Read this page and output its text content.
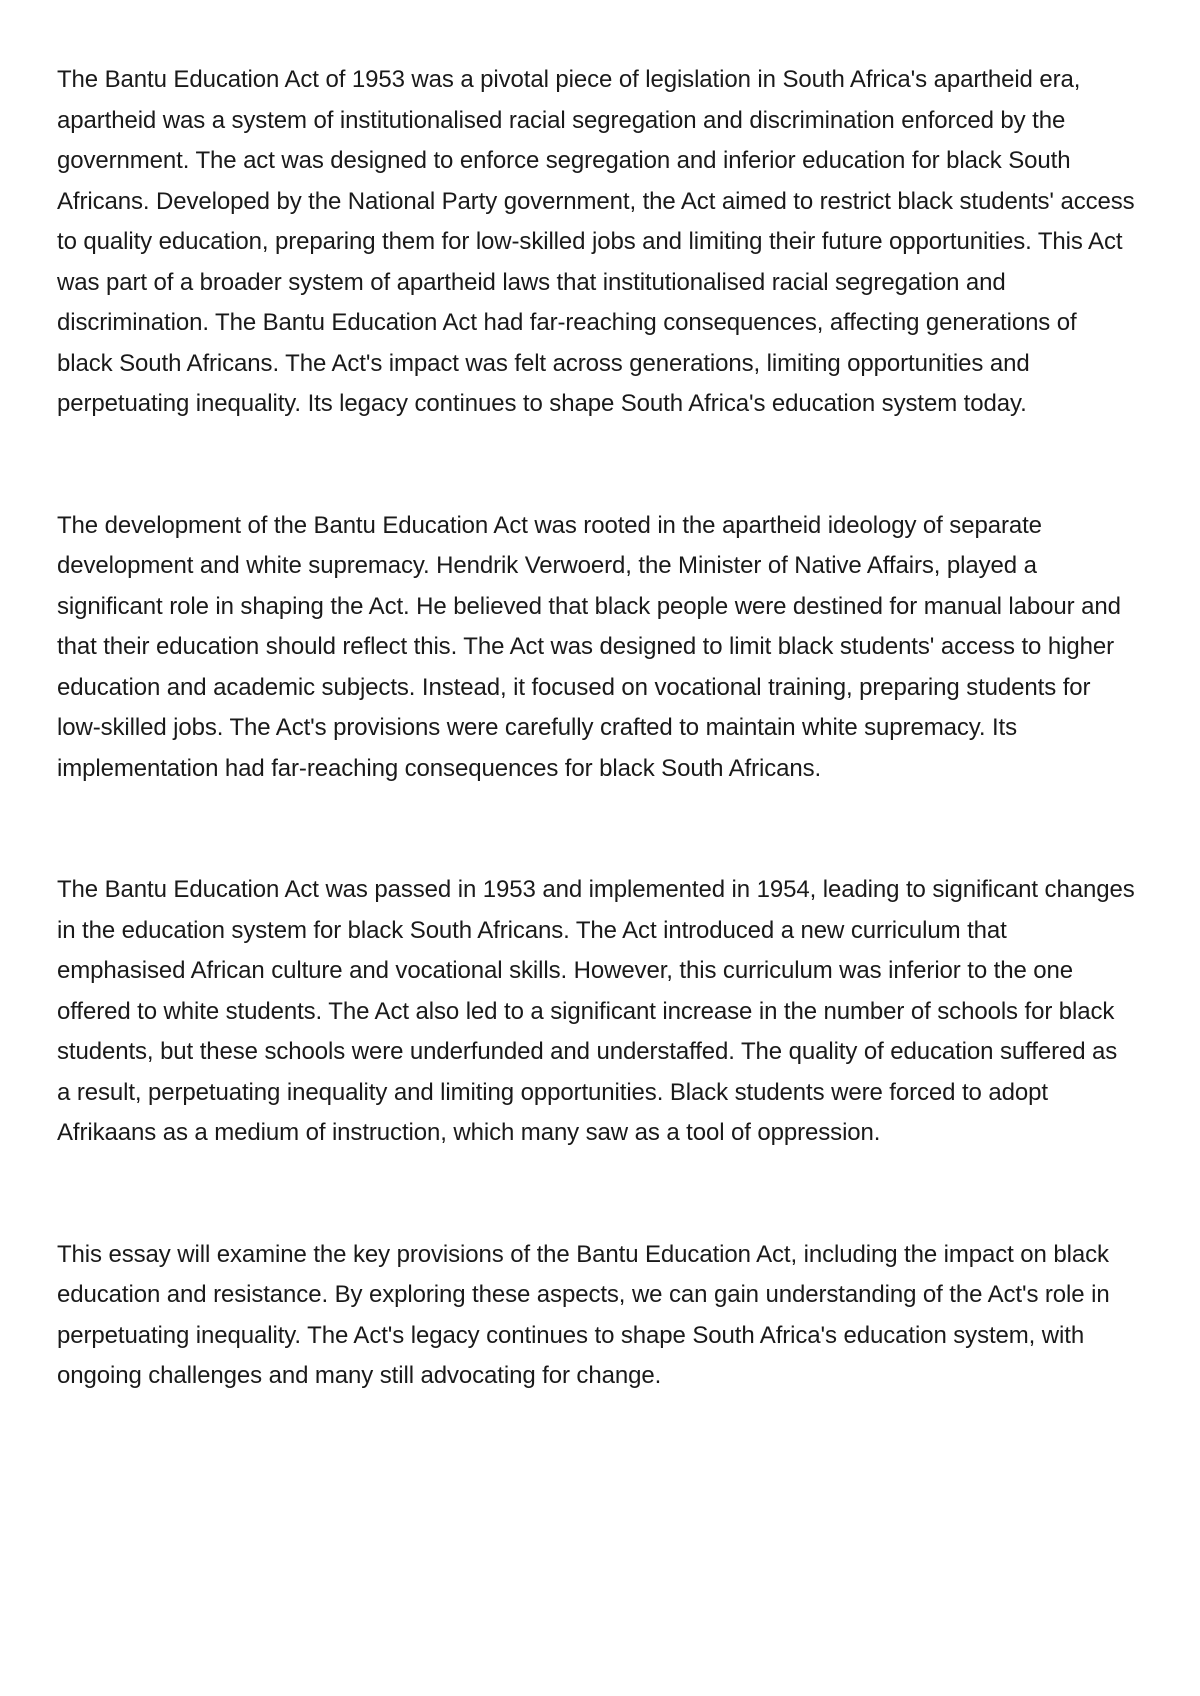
The Bantu Education Act of 1953 was a pivotal piece of legislation in South Africa's apartheid era, apartheid was a system of institutionalised racial segregation and discrimination enforced by the government. The act was designed to enforce segregation and inferior education for black South Africans. Developed by the National Party government, the Act aimed to restrict black students' access to quality education, preparing them for low-skilled jobs and limiting their future opportunities. This Act was part of a broader system of apartheid laws that institutionalised racial segregation and discrimination. The Bantu Education Act had far-reaching consequences, affecting generations of black South Africans. The Act's impact was felt across generations, limiting opportunities and perpetuating inequality. Its legacy continues to shape South Africa's education system today.

The development of the Bantu Education Act was rooted in the apartheid ideology of separate development and white supremacy. Hendrik Verwoerd, the Minister of Native Affairs, played a significant role in shaping the Act. He believed that black people were destined for manual labour and that their education should reflect this. The Act was designed to limit black students' access to higher education and academic subjects. Instead, it focused on vocational training, preparing students for low-skilled jobs. The Act's provisions were carefully crafted to maintain white supremacy. Its implementation had far-reaching consequences for black South Africans.

The Bantu Education Act was passed in 1953 and implemented in 1954, leading to significant changes in the education system for black South Africans. The Act introduced a new curriculum that emphasised African culture and vocational skills. However, this curriculum was inferior to the one offered to white students. The Act also led to a significant increase in the number of schools for black students, but these schools were underfunded and understaffed. The quality of education suffered as a result, perpetuating inequality and limiting opportunities. Black students were forced to adopt Afrikaans as a medium of instruction, which many saw as a tool of oppression.

This essay will examine the key provisions of the Bantu Education Act, including the impact on black education and resistance. By exploring these aspects, we can gain understanding of the Act's role in perpetuating inequality. The Act's legacy continues to shape South Africa's education system, with ongoing challenges and many still advocating for change.
